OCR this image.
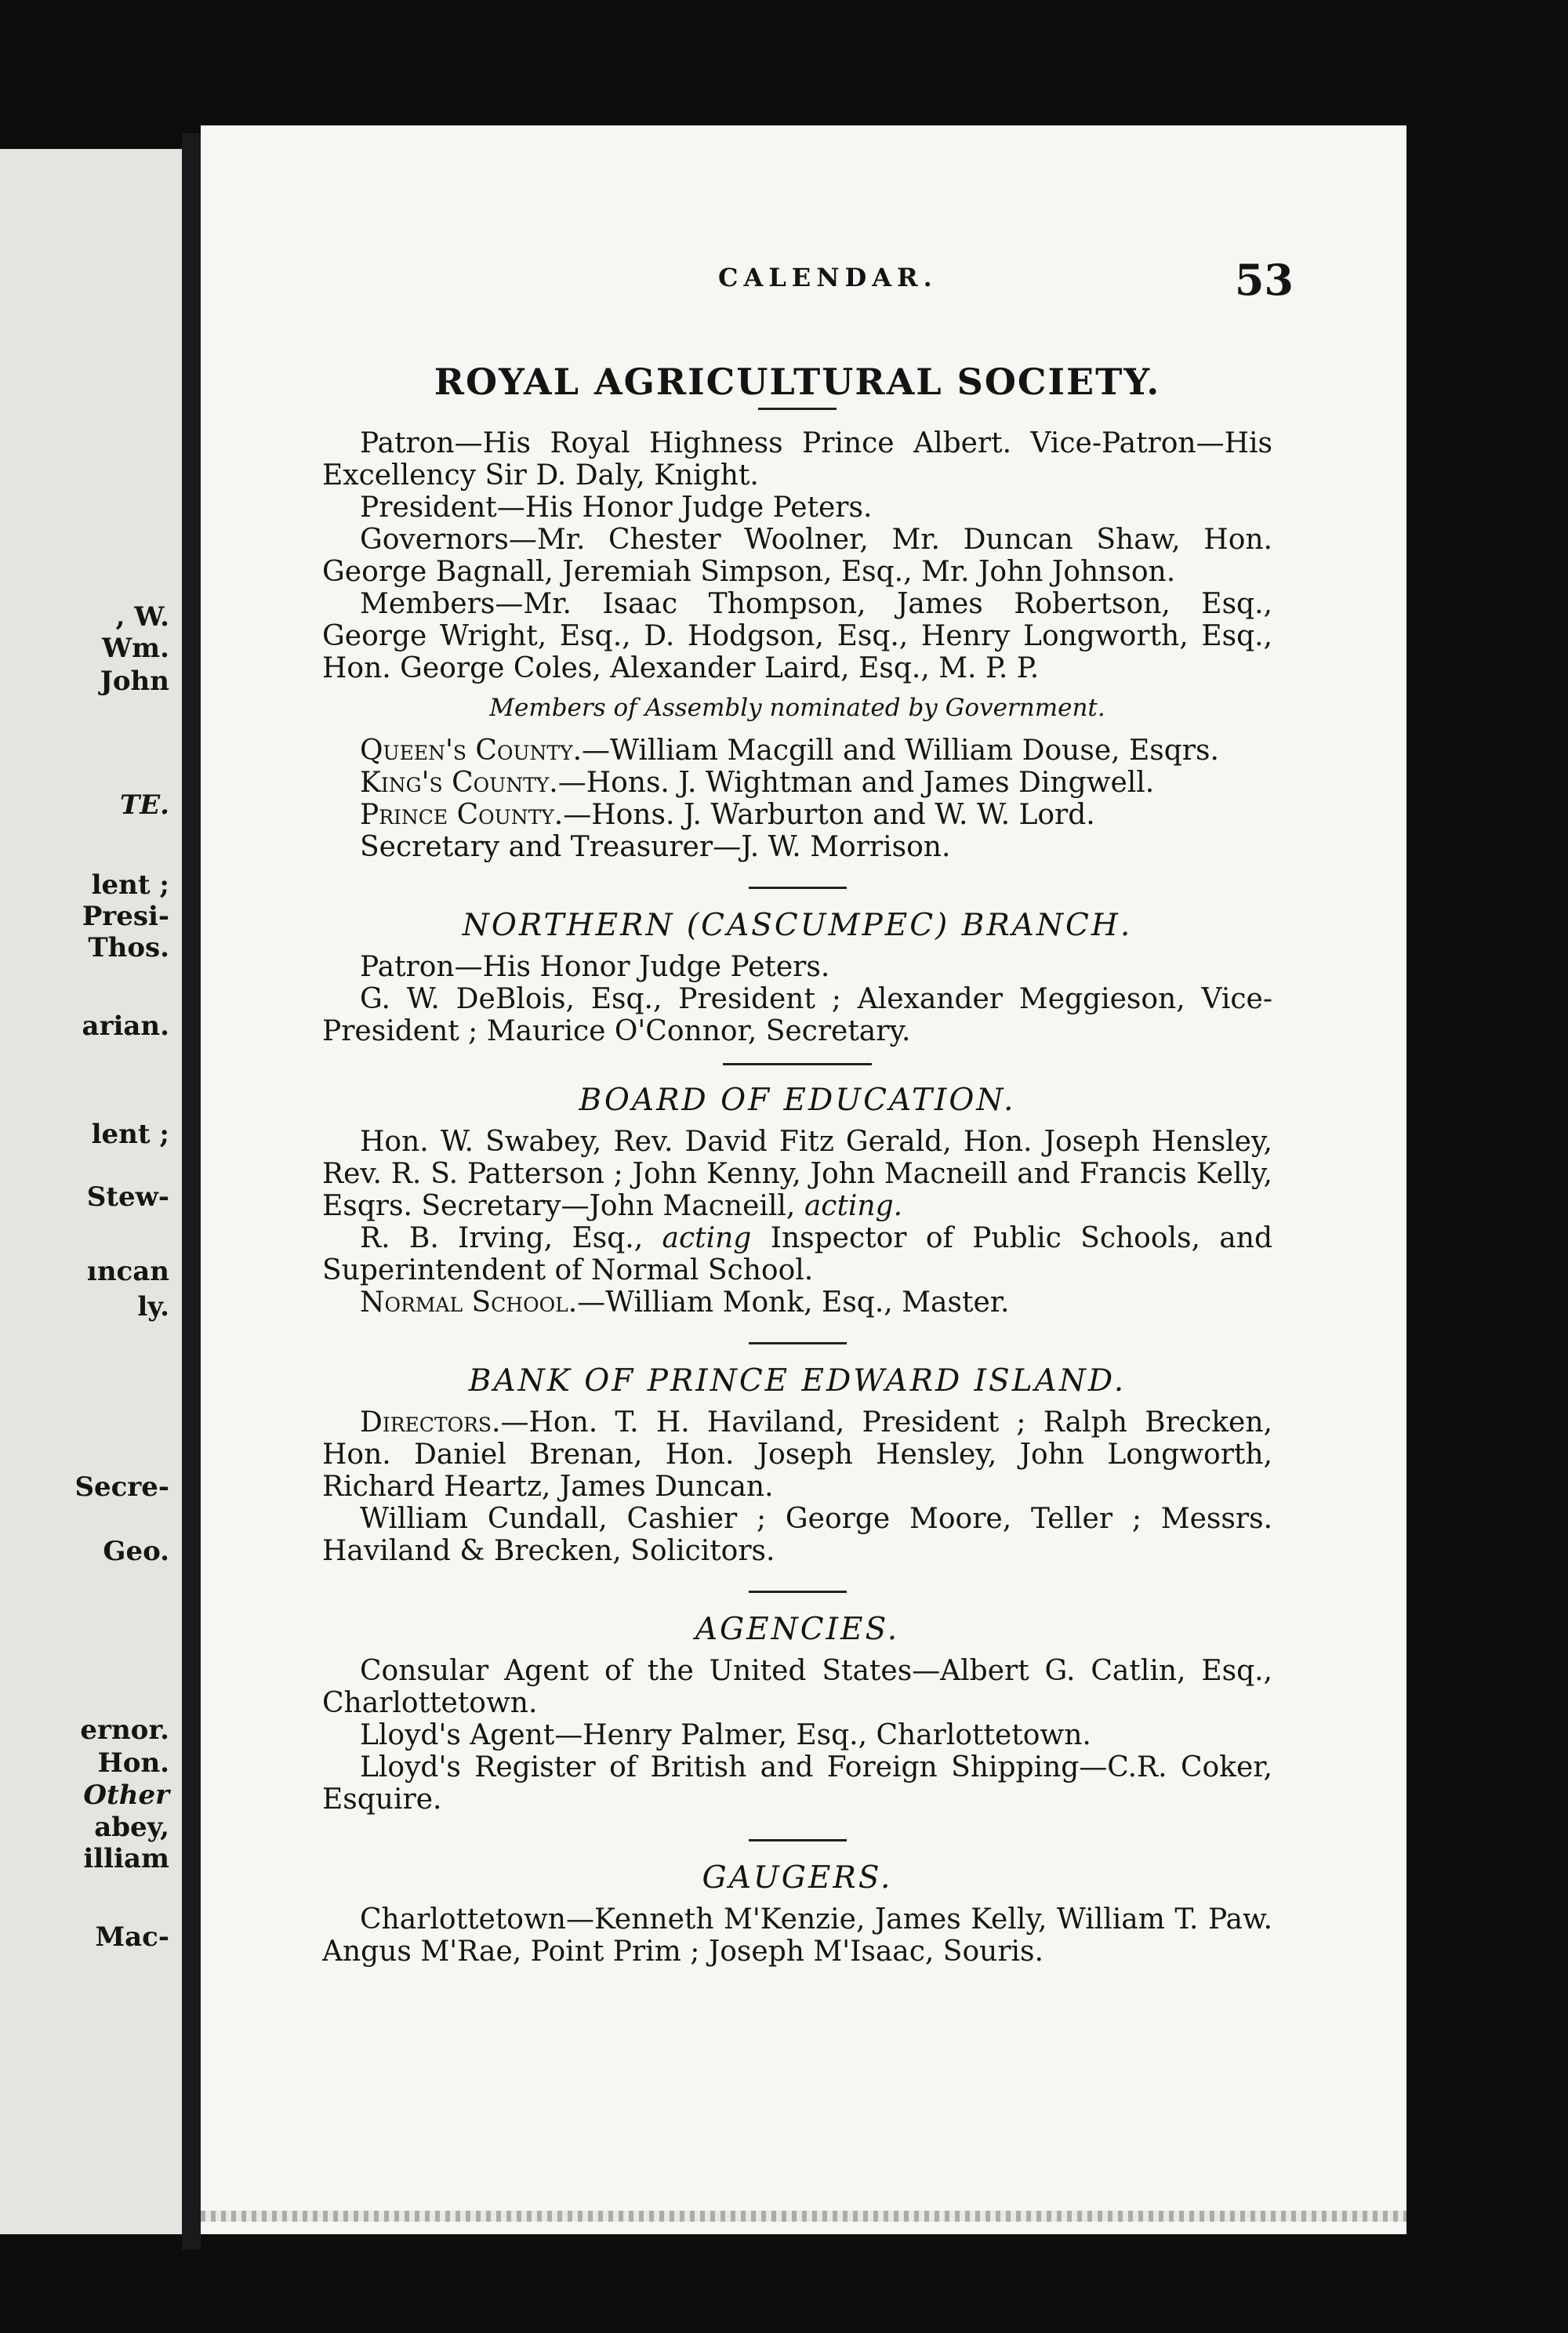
, W.
Wm.
John
TE.
lent ;
Presi-
Thos.
arian.
lent ;
Stew-
ıncan
ly.
Secre-
Geo.
ernor.
Hon.
Other
abey,
illiam
Mac-
CALENDAR.	53
ROYAL AGRICULTURAL SOCIETY.

Patron—His Royal Highness Prince Albert. Vice-Patron—His Excellency Sir D. Daly, Knight.

President—His Honor Judge Peters.

Governors—Mr. Chester Woolner, Mr. Duncan Shaw, Hon. George Bagnall, Jeremiah Simpson, Esq., Mr. John Johnson.

Members—Mr. Isaac Thompson, James Robertson, Esq., George Wright, Esq., D. Hodgson, Esq., Henry Longworth, Esq., Hon. George Coles, Alexander Laird, Esq., M. P. P.

Members of Assembly nominated by Government.

Queen's County.—William Macgill and William Douse, Esqrs.

King's County.—Hons. J. Wightman and James Dingwell.

Prince County.—Hons. J. Warburton and W. W. Lord.

Secretary and Treasurer—J. W. Morrison.

NORTHERN (CASCUMPEC) BRANCH.

Patron—His Honor Judge Peters.

G. W. DeBlois, Esq., President ; Alexander Meggieson, Vice-President ; Maurice O'Connor, Secretary.

BOARD OF EDUCATION.

Hon. W. Swabey, Rev. David Fitz Gerald, Hon. Joseph Hensley, Rev. R. S. Patterson ; John Kenny, John Macneill and Francis Kelly, Esqrs. Secretary—John Macneill, acting.

R. B. Irving, Esq., acting Inspector of Public Schools, and Superintendent of Normal School.

Normal School.—William Monk, Esq., Master.

BANK OF PRINCE EDWARD ISLAND.

Directors.—Hon. T. H. Haviland, President ; Ralph Brecken, Hon. Daniel Brenan, Hon. Joseph Hensley, John Longworth, Richard Heartz, James Duncan.

William Cundall, Cashier ; George Moore, Teller ; Messrs. Haviland & Brecken, Solicitors.

AGENCIES.

Consular Agent of the United States—Albert G. Catlin, Esq., Charlottetown.

Lloyd's Agent—Henry Palmer, Esq., Charlottetown.

Lloyd's Register of British and Foreign Shipping—C.R. Coker, Esquire.

GAUGERS.

Charlottetown—Kenneth M'Kenzie, James Kelly, William T. Paw. Angus M'Rae, Point Prim ; Joseph M'Isaac, Souris.
